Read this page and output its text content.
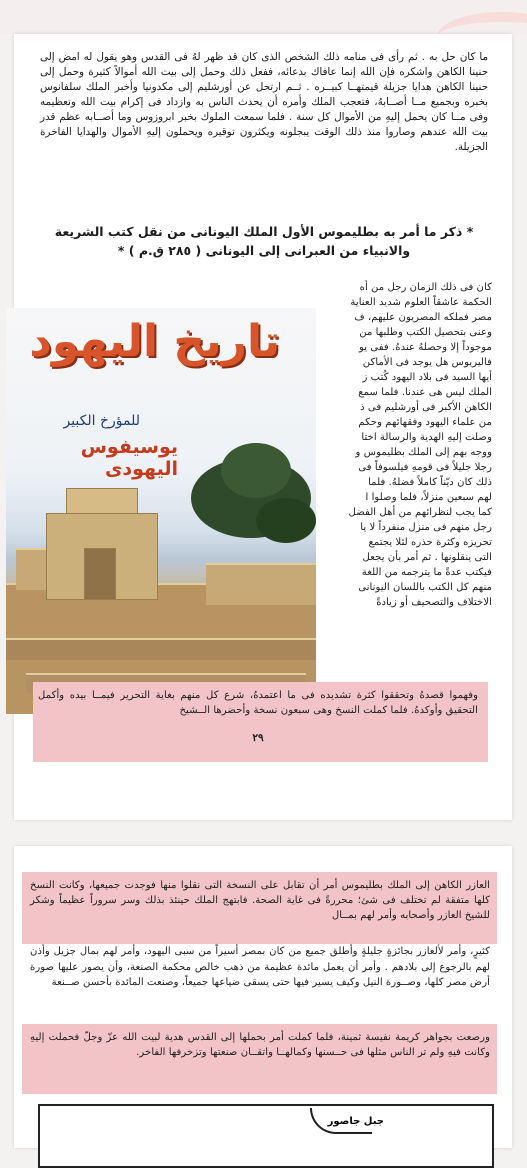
ما كان حل به . ثم رأى فى منامه ذلك الشخص الذى كان قد ظهر لهُ فى القدس وهو يقول له امض إلى حنينا الكاهن واشكره فإن الله إنما عافاك بدعائه، ففعل ذلك وحمل إلى بيت الله أموالاً كثيرة وحمل إلى حنينا الكاهن هدايا جزيلة قيمتهــا كبيــره . ثــم ارتحل عن أورشليم إلى مكدونيا وأخبر الملك سلفانوس بخبره وبجميع مــا أصــابهُ، فتعجب الملك وأمره أن يحدث الناس به وازداد فى إكرام بيت الله وتعظيمه وفى مــا كان يحمل إليهِ من الأموال كل سنة . فلما سمعت الملوك بخبر ابروزوس وما أصــابه عظم قدر بيت الله عندهم وصاروا منذ ذلك الوقت يبجلونه ويكثرون توقيره ويحملون إليهِ الأموال والهدايا الفاخرة الجزيلة.
* ذكر ما أمر به بطليموس الأول الملك اليونانى من نقل كتب الشريعة والانبياء من العبرانى إلى اليونانى ( ٢٨٥ ق.م ) *
كان فى ذلك الزمان رجل من أه
الحكمة عاشقاً العلوم شديد العناية
مصر فملكه المصريون عليهم، ف
وعنى بتحصيل الكتب وطلبها من
موجوداً إلا وحصلهُ عندهُ. ففى يو
فاليريوس هل يوجد فى الأماكن
أيها السيد فى بلاد اليهود كُتب ز
الملك ليس هى عندنا. فلما سمع
الكاهن الأكبر فى أورشليم فى ذ
من علماء اليهود وفقهائهم وحكم
وصلت إليهِ الهدية والرسالة اختا
ووجه بهم إلى الملك بطليموس و
رجلا جليلاً فى قومهِ فيلسوفاً فى
ذلك كان ديّناً كاملاً فضلهُ. فلما
لهم سبعين منزلاً، فلما وصلوا ا
كما يجب لنظرائهم من أهل الفضل
رجل منهم فى منزل منفرداً لا يا
تحريزه وكثرة حذره لئلا يجتمع
التى ينقلونها . ثم أمر بأن يجعل
فيكتب عدةً ما يترجمه من اللغة
منهم كل الكتب باللسان اليونانى
الاختلاف والتصحيف أو زيادةً
تاريخ اليهود
للمؤرخ الكبير
يوسيفوس اليهودى
وفهموا قصدهُ وتحققوا كثرة تشديده فى ما اعتمدهُ، شرع كل منهم بغاية التحرير فيمــا بيده وأكمل التحقيق وأوكدهُ. فلما كملت النسخ وهى سبعون نسخة وأحضرها الــشيخ
٢٩
العازر الكاهن إلى الملك بطليموس أمر أن تقابل على النسخة التى نقلوا منها فوجدت جميعها، وكانت النسخ كلها متفقة لم تختلف فى شئ؛ محررةً فى غاية الصحة. فابتهج الملك حينئذ بذلك وسر سروراً عظيماً وشكر للشيخ العازر وأصحابه وأمر لهم بمــال
كثيرٍ، وأمر لألعازر بجائزةٍ جليلةٍ وأطلق جميع من كان بمصر أسيراً من سبى اليهود، وأمر لهم بمال جزيل وأذن لهم بالرجوع إلى بلادهم . وأمر أن يعمل مائدة عظيمة من ذهب خالص محكمة الصنعة، وأن يصور عليها صورة أرض مصر كلها، وصــورة النيل وكيف يسير فيها حتى يسقى ضياعها جميعاً، وصنعت المائدة بأحسن صــنعة
ورصعت بجواهر كريمة نفيسة ثمينة، فلما كملت أمر بحملها إلى القدس هدية لبيت الله عزّ وجلّ فحملت إليهِ وكانت فيهِ ولم تر الناس مثلها فى حــسنها وكمالهــا واتقــان صنعتها وتزخرفها الفاخر.
جبل جاصور
